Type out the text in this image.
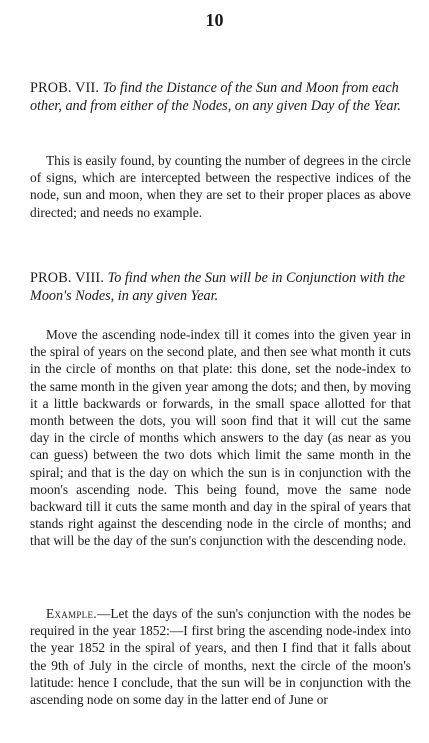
10
PROB. VII. To find the Distance of the Sun and Moon from each other, and from either of the Nodes, on any given Day of the Year.
This is easily found, by counting the number of degrees in the circle of signs, which are intercepted between the respective indices of the node, sun and moon, when they are set to their proper places as above directed; and needs no example.
PROB. VIII. To find when the Sun will be in Conjunction with the Moon's Nodes, in any given Year.
Move the ascending node-index till it comes into the given year in the spiral of years on the second plate, and then see what month it cuts in the circle of months on that plate: this done, set the node-index to the same month in the given year among the dots; and then, by moving it a little backwards or forwards, in the small space allotted for that month between the dots, you will soon find that it will cut the same day in the circle of months which answers to the day (as near as you can guess) between the two dots which limit the same month in the spiral; and that is the day on which the sun is in conjunction with the moon's ascending node. This being found, move the same node backward till it cuts the same month and day in the spiral of years that stands right against the descending node in the circle of months; and that will be the day of the sun's conjunction with the descending node.
Example.—Let the days of the sun's conjunction with the nodes be required in the year 1852:—I first bring the ascending node-index into the year 1852 in the spiral of years, and then I find that it falls about the 9th of July in the circle of months, next the circle of the moon's latitude: hence I conclude, that the sun will be in conjunction with the ascending node on some day in the latter end of June or
